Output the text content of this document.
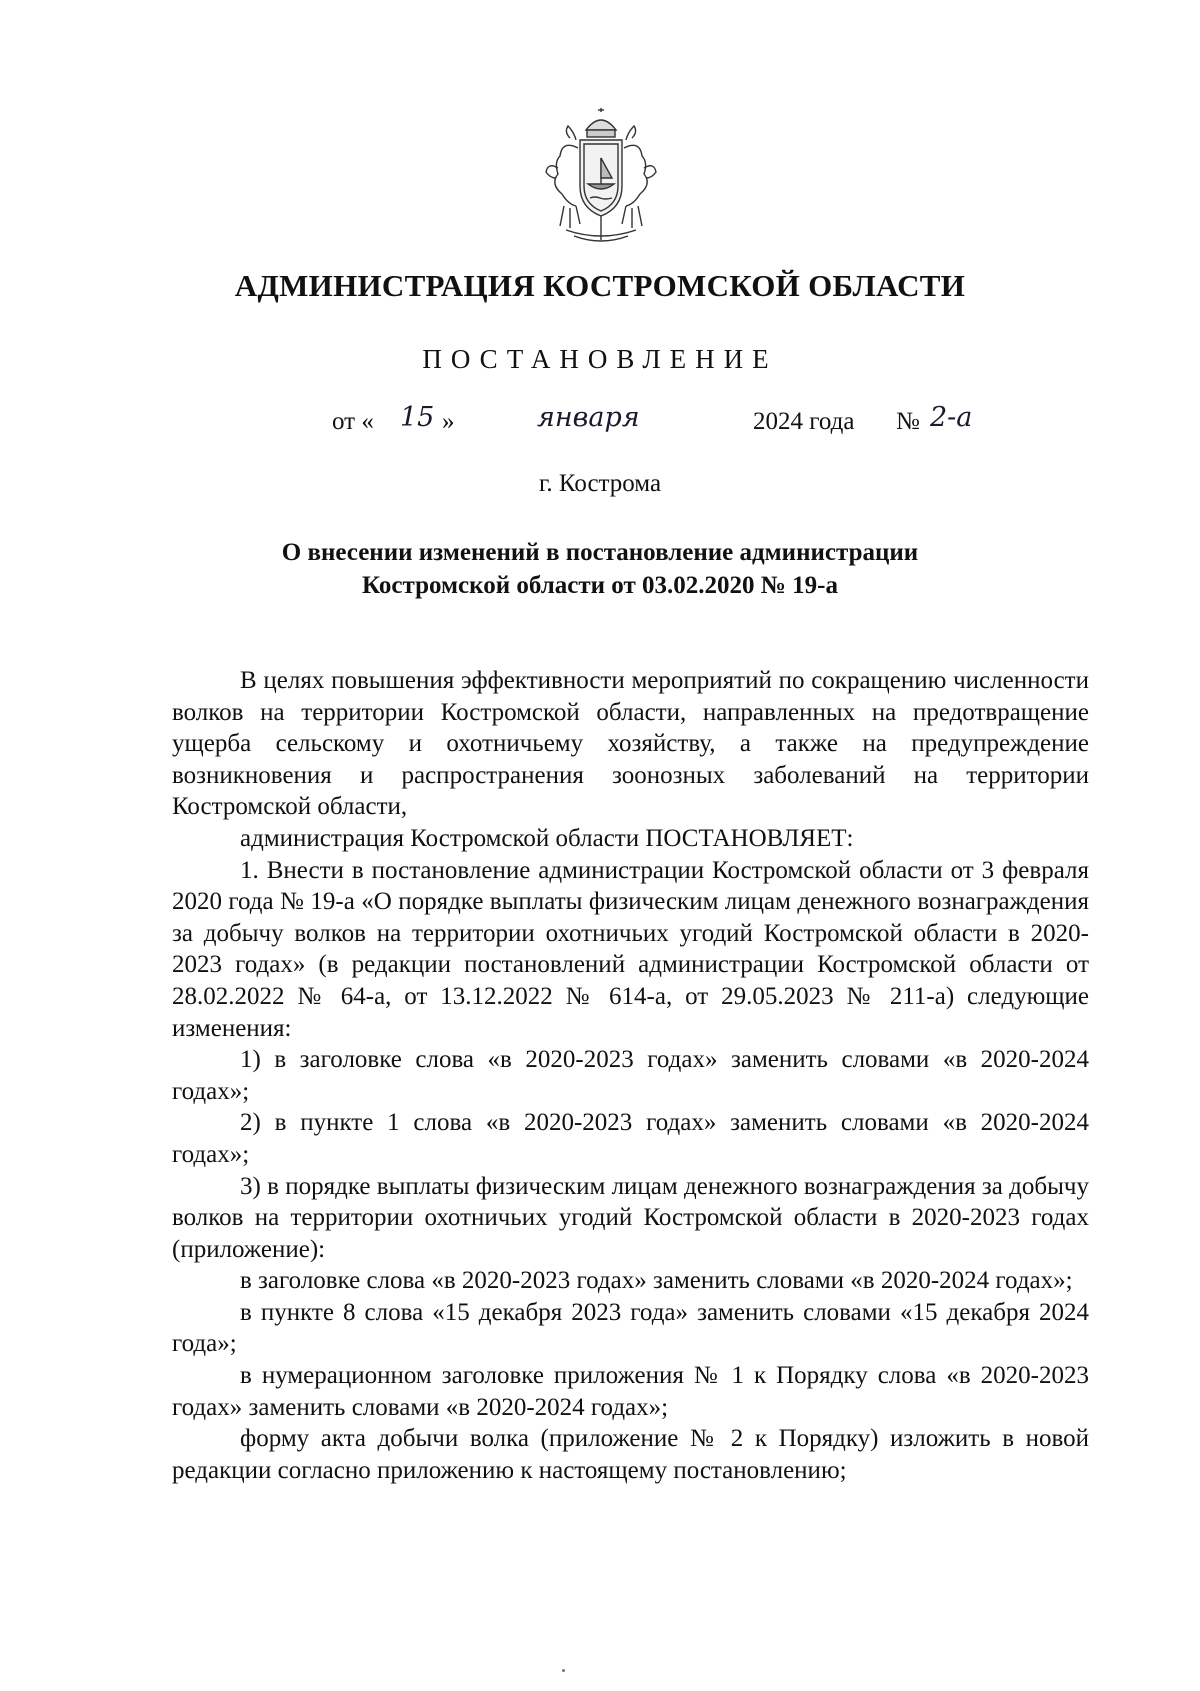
АДМИНИСТРАЦИЯ КОСТРОМСКОЙ ОБЛАСТИ
ПОСТАНОВЛЕНИЕ
от « 15 »	января	2024 года № 2-а
г. Кострома
О внесении изменений в постановление администрации
Костромской области от 03.02.2020 № 19-а

В целях повышения эффективности мероприятий по сокращению численности волков на территории Костромской области, направленных на предотвращение ущерба сельскому и охотничьему хозяйству, а также на предупреждение возникновения и распространения зоонозных заболеваний на территории Костромской области,

администрация Костромской области ПОСТАНОВЛЯЕТ:

1. Внести в постановление администрации Костромской области от 3 февраля 2020 года № 19-а «О порядке выплаты физическим лицам денежного вознаграждения за добычу волков на территории охотничьих угодий Костромской области в 2020-2023 годах» (в редакции постановлений администрации Костромской области от 28.02.2022 № 64-а, от 13.12.2022 № 614-а, от 29.05.2023 № 211-а) следующие изменения:

1) в заголовке слова «в 2020-2023 годах» заменить словами «в 2020-2024 годах»;

2) в пункте 1 слова «в 2020-2023 годах» заменить словами «в 2020-2024 годах»;

3) в порядке выплаты физическим лицам денежного вознаграждения за добычу волков на территории охотничьих угодий Костромской области в 2020-2023 годах (приложение):

в заголовке слова «в 2020-2023 годах» заменить словами «в 2020-2024 годах»;

в пункте 8 слова «15 декабря 2023 года» заменить словами «15 декабря 2024 года»;

в нумерационном заголовке приложения № 1 к Порядку слова «в 2020-2023 годах» заменить словами «в 2020-2024 годах»;

форму акта добычи волка (приложение № 2 к Порядку) изложить в новой редакции согласно приложению к настоящему постановлению;
